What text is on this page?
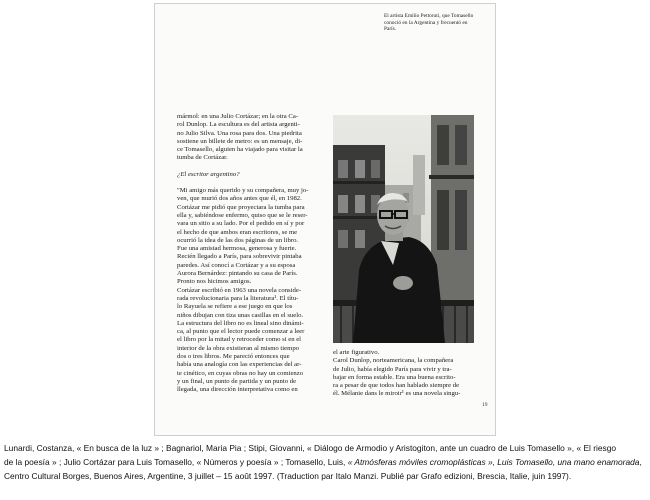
El artista Emilio Pettoruti, que Tomasello
conoció en la Argentina y frecuentó en
París.
mármol: en una Julio Cortázar; en la otra Ca-
rol Dunlop. La escultura es del artista argenti-
no Julio Silva. Una rosa para dos. Una piedrita
sostiene un billete de metro: es un mensaje, di-
ce Tomasello, alguien ha viajado para visitar la
tumba de Cortázar.
¿El escritor argentino?
"Mi amigo más querido y su compañera, muy jo-
ven, que murió dos años antes que él, en 1982.
Cortázar me pidió que proyectara la tumba para
ella y, sabiéndose enfermo, quiso que se le reser-
vara un sitio a su lado. Por el pedido en sí y por
el hecho de que ambos eran escritores, se me
ocurrió la idea de las dos páginas de un libro.
Fue una amistad hermosa, generosa y fuerte.
Recién llegado a París, para sobrevivir pintaba
paredes. Así conocí a Cortázar y a su esposa
Aurora Bernárdez: pintando su casa de París.
Pronto nos hicimos amigos.
Cortázar escribió en 1963 una novela conside-
rada revolucionaria para la literatura¹. El títu-
lo Rayuela se refiere a ese juego en que los
niños dibujan con tiza unas casillas en el suelo.
La estructura del libro no es lineal sino dinámi-
ca, al punto que el lector puede comenzar a leer
el libro por la mitad y retroceder como si en el
interior de la obra existieran al mismo tiempo
dos o tres libros. Me pareció entonces que
había una analogía con las experiencias del ar-
te cinético, en cuyas obras no hay un comienzo
y un final, un punto de partida y un punto de
llegada, una dirección interpretativa como en
el arte figurativo.
Carol Dunlop, norteamericana, la compañera
de Julio, había elegido París para vivir y tra-
bajar en forma estable. Era una buena escrito-
ra a pesar de que todos han hablado siempre de
él. Mélanie dans le miroir¹ es una novela singu-
19
Lunardi, Costanza, « En busca de la luz » ; Bagnariol, Maria Pia ; Stipi, Giovanni, « Diálogo de Armodio y Aristogiton, ante un cuadro de Luis Tomasello », « El riesgo
de la poesía » ; Julio Cortázar para Luis Tomasello, « Números y poesía » ; Tomasello, Luis, « Atmósferas móviles cromoplásticas », Luis Tomasello, una mano enamorada,
Centro Cultural Borges, Buenos Aires, Argentine, 3 juillet – 15 août 1997. (Traduction par Italo Manzi. Publié par Grafo edizioni, Brescia, Italie, juin 1997).
